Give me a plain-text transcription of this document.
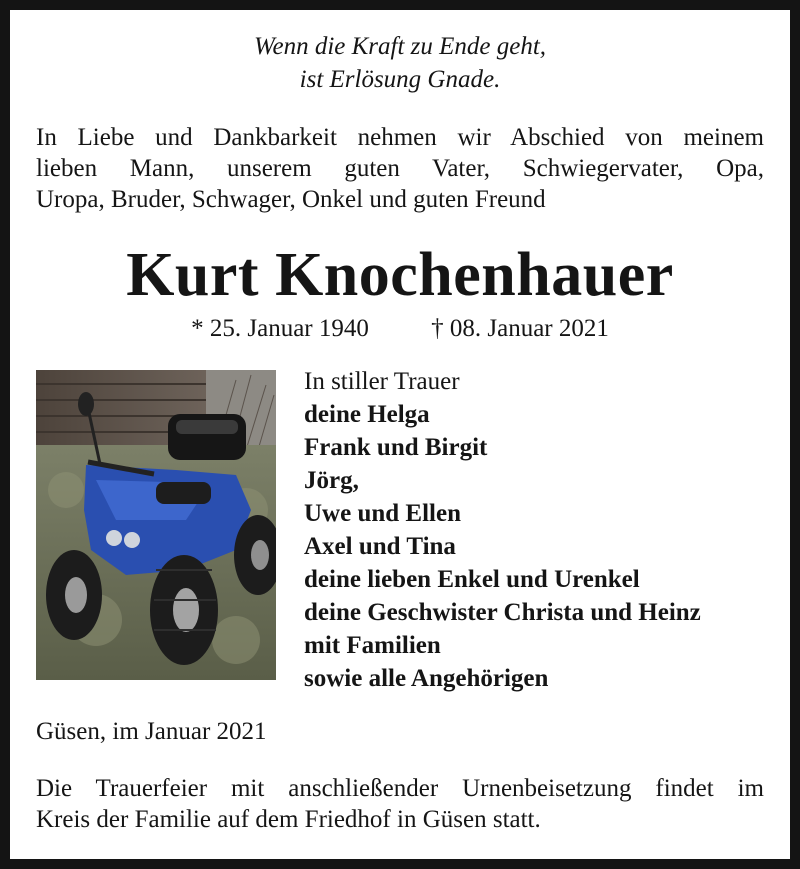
Wenn die Kraft zu Ende geht,
ist Erlösung Gnade.
In Liebe und Dankbarkeit nehmen wir Abschied von meinem
lieben Mann, unserem guten Vater, Schwiegervater, Opa,
Uropa, Bruder, Schwager, Onkel und guten Freund
Kurt Knochenhauer
* 25. Januar 1940 † 08. Januar 2021
In stiller Trauer
deine Helga
Frank und Birgit
Jörg,
Uwe und Ellen
Axel und Tina
deine lieben Enkel und Urenkel
deine Geschwister Christa und Heinz
mit Familien
sowie alle Angehörigen
Güsen, im Januar 2021
Die Trauerfeier mit anschließender Urnenbeisetzung findet im
Kreis der Familie auf dem Friedhof in Güsen statt.
